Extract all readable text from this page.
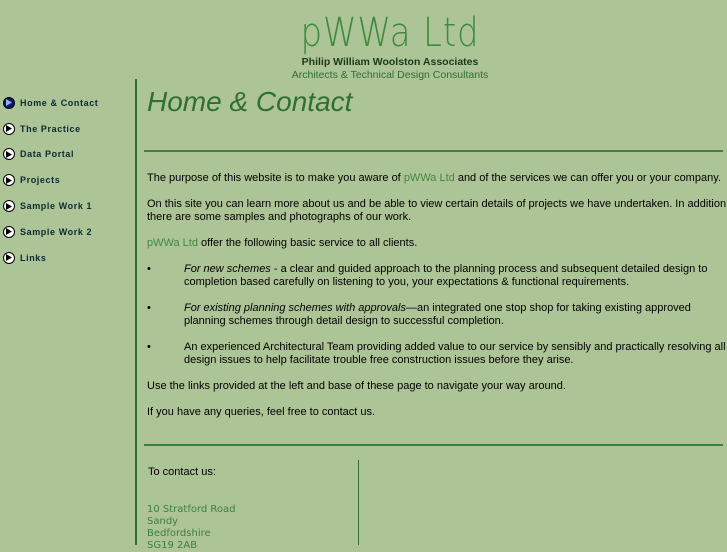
pWWa Ltd
Philip William Woolston Associates
Architects & Technical Design Consultants
Home & Contact
The Practice
Data Portal
Projects
Sample Work 1
Sample Work 2
Links
Home & Contact

The purpose of this website is to make you aware of pWWa Ltd and of the services we can offer you or your company.

On this site you can learn more about us and be able to view certain details of projects we have undertaken. In addition there are some samples and photographs of our work.

pWWa Ltd offer the following basic service to all clients.

• For new schemes - a clear and guided approach to the planning process and subsequent detailed design to completion based carefully on listening to you, your expectations & functional requirements.
• For existing planning schemes with approvals—an integrated one stop shop for taking existing approved planning schemes through detail design to successful completion.
• An experienced Architectural Team providing added value to our service by sensibly and practically resolving all design issues to help facilitate trouble free construction issues before they arise.

Use the links provided at the left and base of these page to navigate your way around.

If you have any queries, feel free to contact us.

To contact us:
10 Stratford Road
Sandy
Bedfordshire
SG19 2AB
